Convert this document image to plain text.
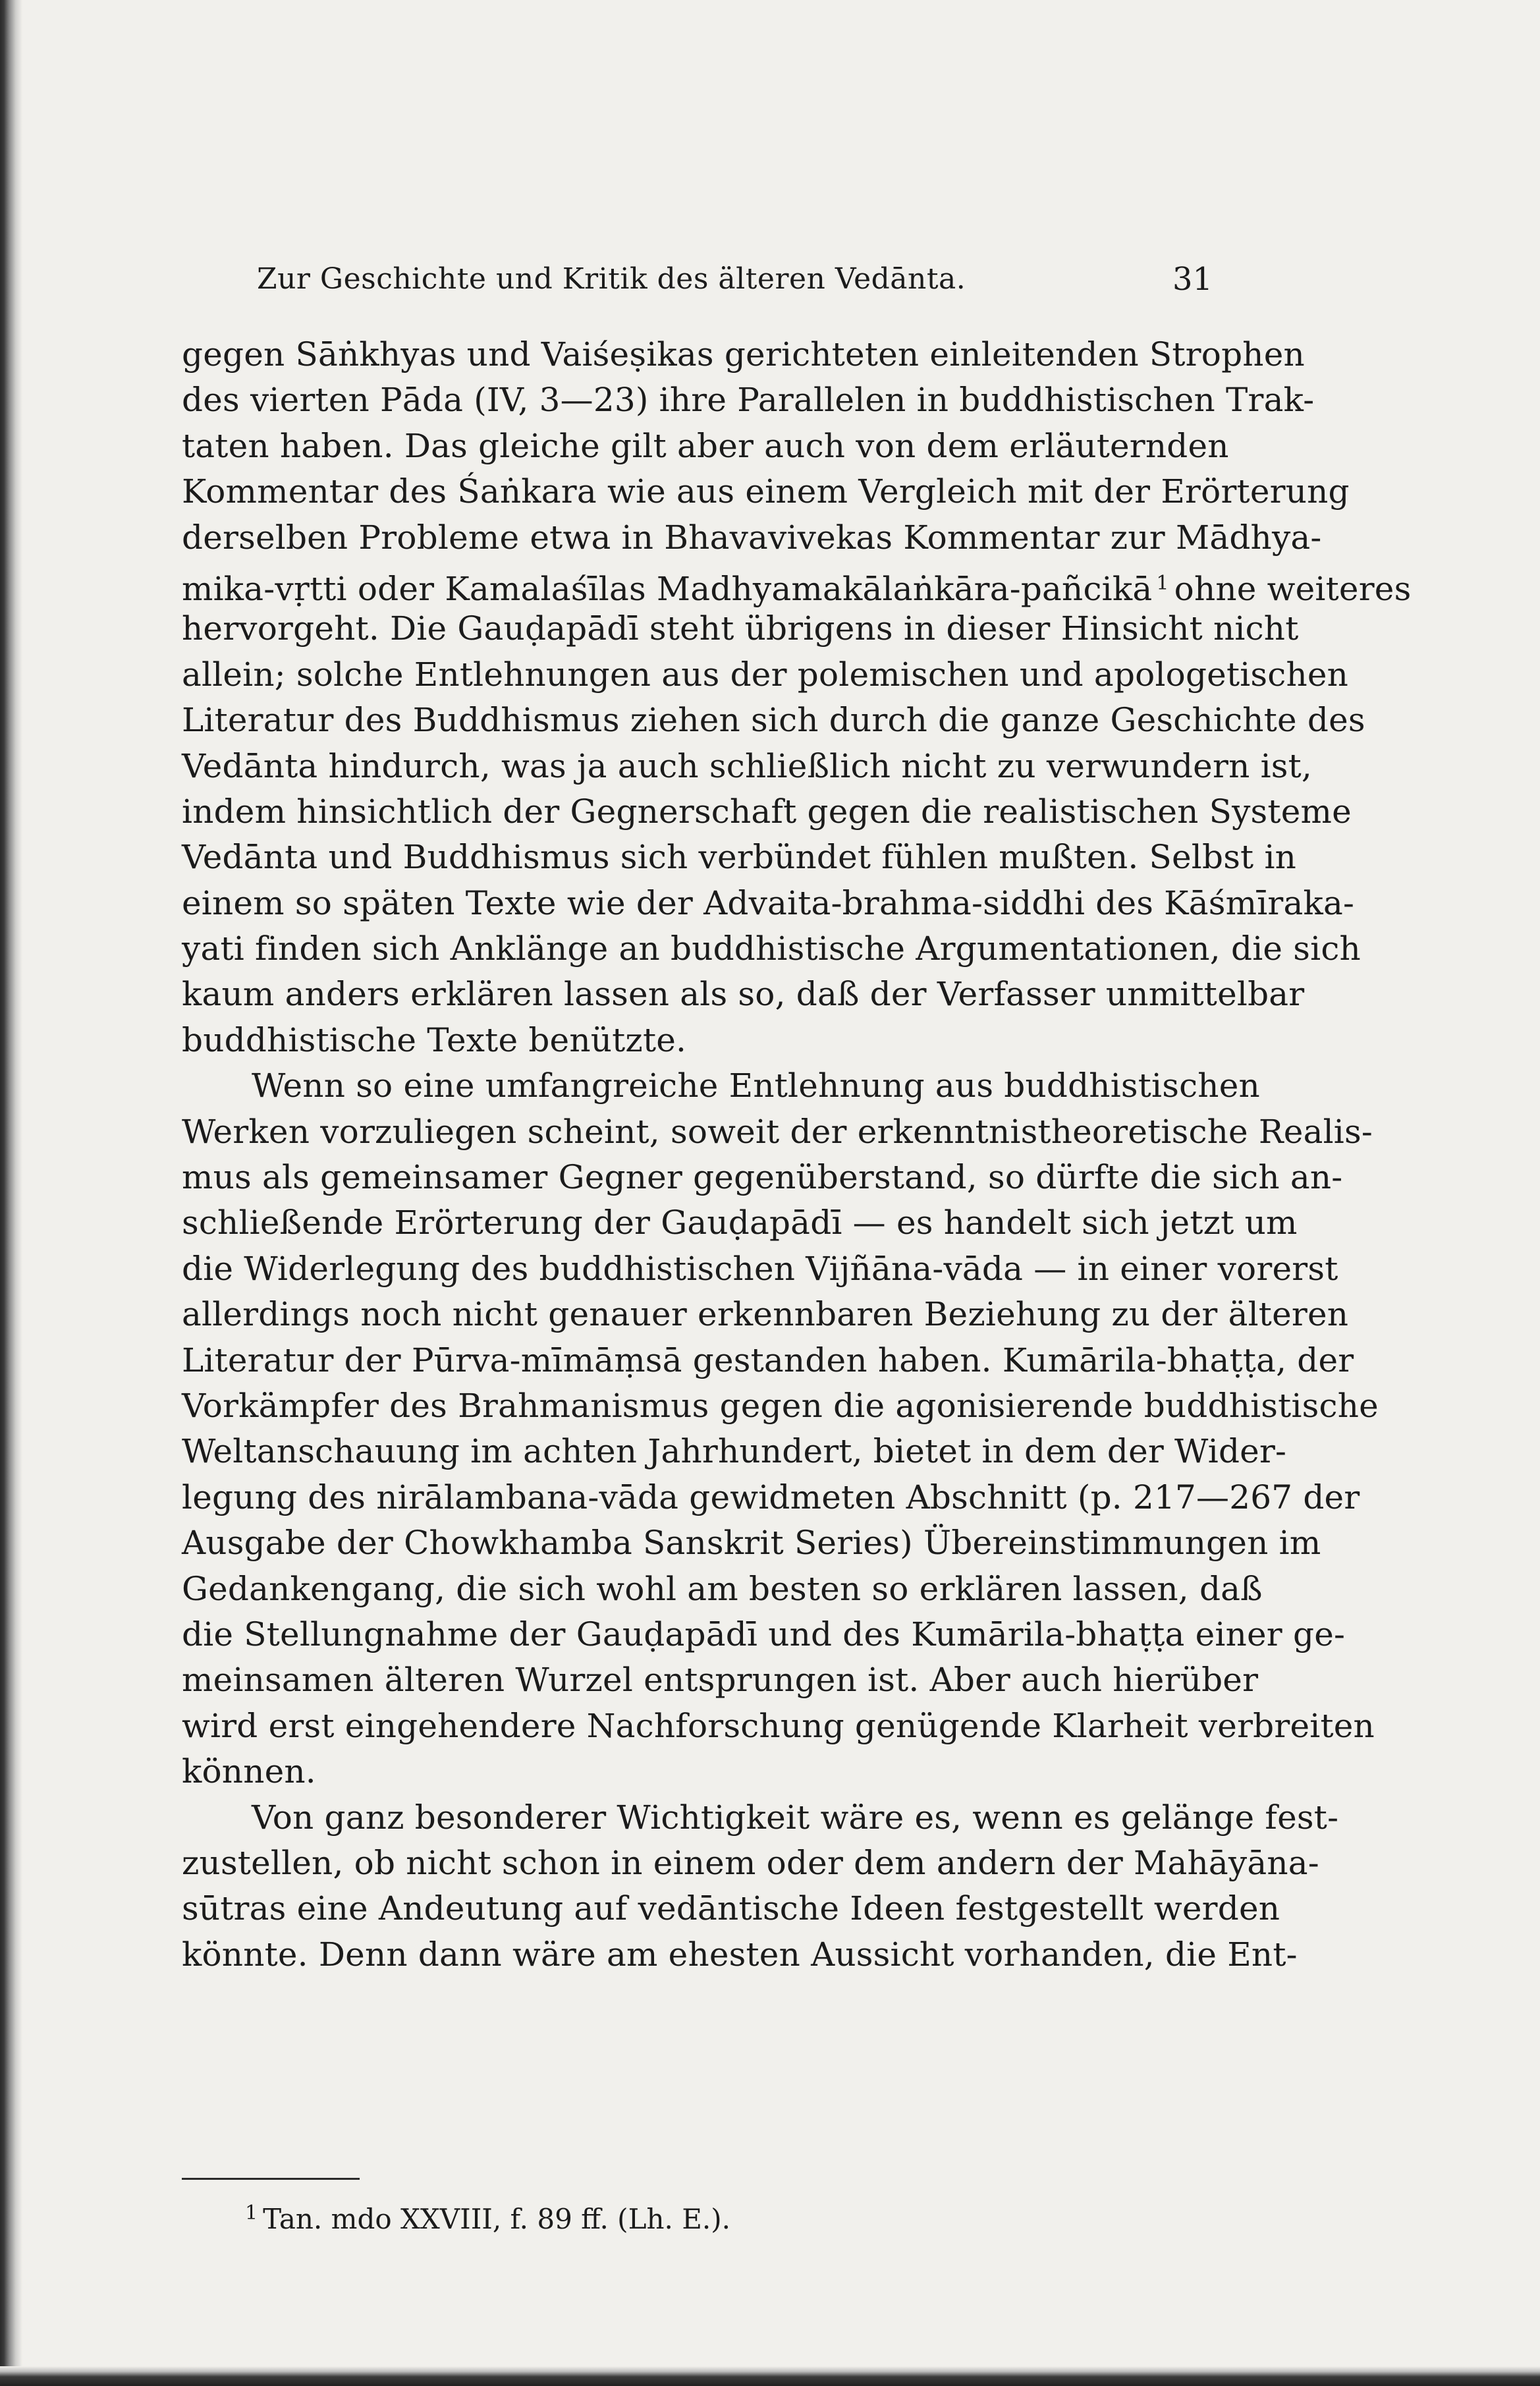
Zur Geschichte und Kritik des älteren Vedānta.	31
gegen Sāṅkhyas und Vaiśeṣikas gerichteten einleitenden Strophen
des vierten Pāda (IV, 3—23) ihre Parallelen in buddhistischen Trak-
taten haben. Das gleiche gilt aber auch von dem erläuternden
Kommentar des Śaṅkara wie aus einem Vergleich mit der Erörterung
derselben Probleme etwa in Bhavavivekas Kommentar zur Mādhya-
mika-vṛtti oder Kamalaśīlas Madhyamakālaṅkāra-pañcikā $^1$ ohne weiteres
hervorgeht. Die Gauḍapādī steht übrigens in dieser Hinsicht nicht
allein; solche Entlehnungen aus der polemischen und apologetischen
Literatur des Buddhismus ziehen sich durch die ganze Geschichte des
Vedānta hindurch, was ja auch schließlich nicht zu verwundern ist,
indem hinsichtlich der Gegnerschaft gegen die realistischen Systeme
Vedānta und Buddhismus sich verbündet fühlen mußten. Selbst in
einem so späten Texte wie der Advaita-brahma-siddhi des Kāśmīraka-
yati finden sich Anklänge an buddhistische Argumentationen, die sich
kaum anders erklären lassen als so, daß der Verfasser unmittelbar
buddhistische Texte benützte.
Wenn so eine umfangreiche Entlehnung aus buddhistischen
Werken vorzuliegen scheint, soweit der erkenntnistheoretische Realis-
mus als gemeinsamer Gegner gegenüberstand, so dürfte die sich an-
schließende Erörterung der Gauḍapādī — es handelt sich jetzt um
die Widerlegung des buddhistischen Vijñāna-vāda — in einer vorerst
allerdings noch nicht genauer erkennbaren Beziehung zu der älteren
Literatur der Pūrva-mīmāṃsā gestanden haben. Kumārila-bhaṭṭa, der
Vorkämpfer des Brahmanismus gegen die agonisierende buddhistische
Weltanschauung im achten Jahrhundert, bietet in dem der Wider-
legung des nirālambana-vāda gewidmeten Abschnitt (p. 217—267 der
Ausgabe der Chowkhamba Sanskrit Series) Übereinstimmungen im
Gedankengang, die sich wohl am besten so erklären lassen, daß
die Stellungnahme der Gauḍapādī und des Kumārila-bhaṭṭa einer ge-
meinsamen älteren Wurzel entsprungen ist. Aber auch hierüber
wird erst eingehendere Nachforschung genügende Klarheit verbreiten
können.
Von ganz besonderer Wichtigkeit wäre es, wenn es gelänge fest-
zustellen, ob nicht schon in einem oder dem andern der Mahāyāna-
sūtras eine Andeutung auf vedāntische Ideen festgestellt werden
könnte. Denn dann wäre am ehesten Aussicht vorhanden, die Ent-
$^1$ Tan. mdo XXVIII, f. 89 ff. (Lh. E.).
